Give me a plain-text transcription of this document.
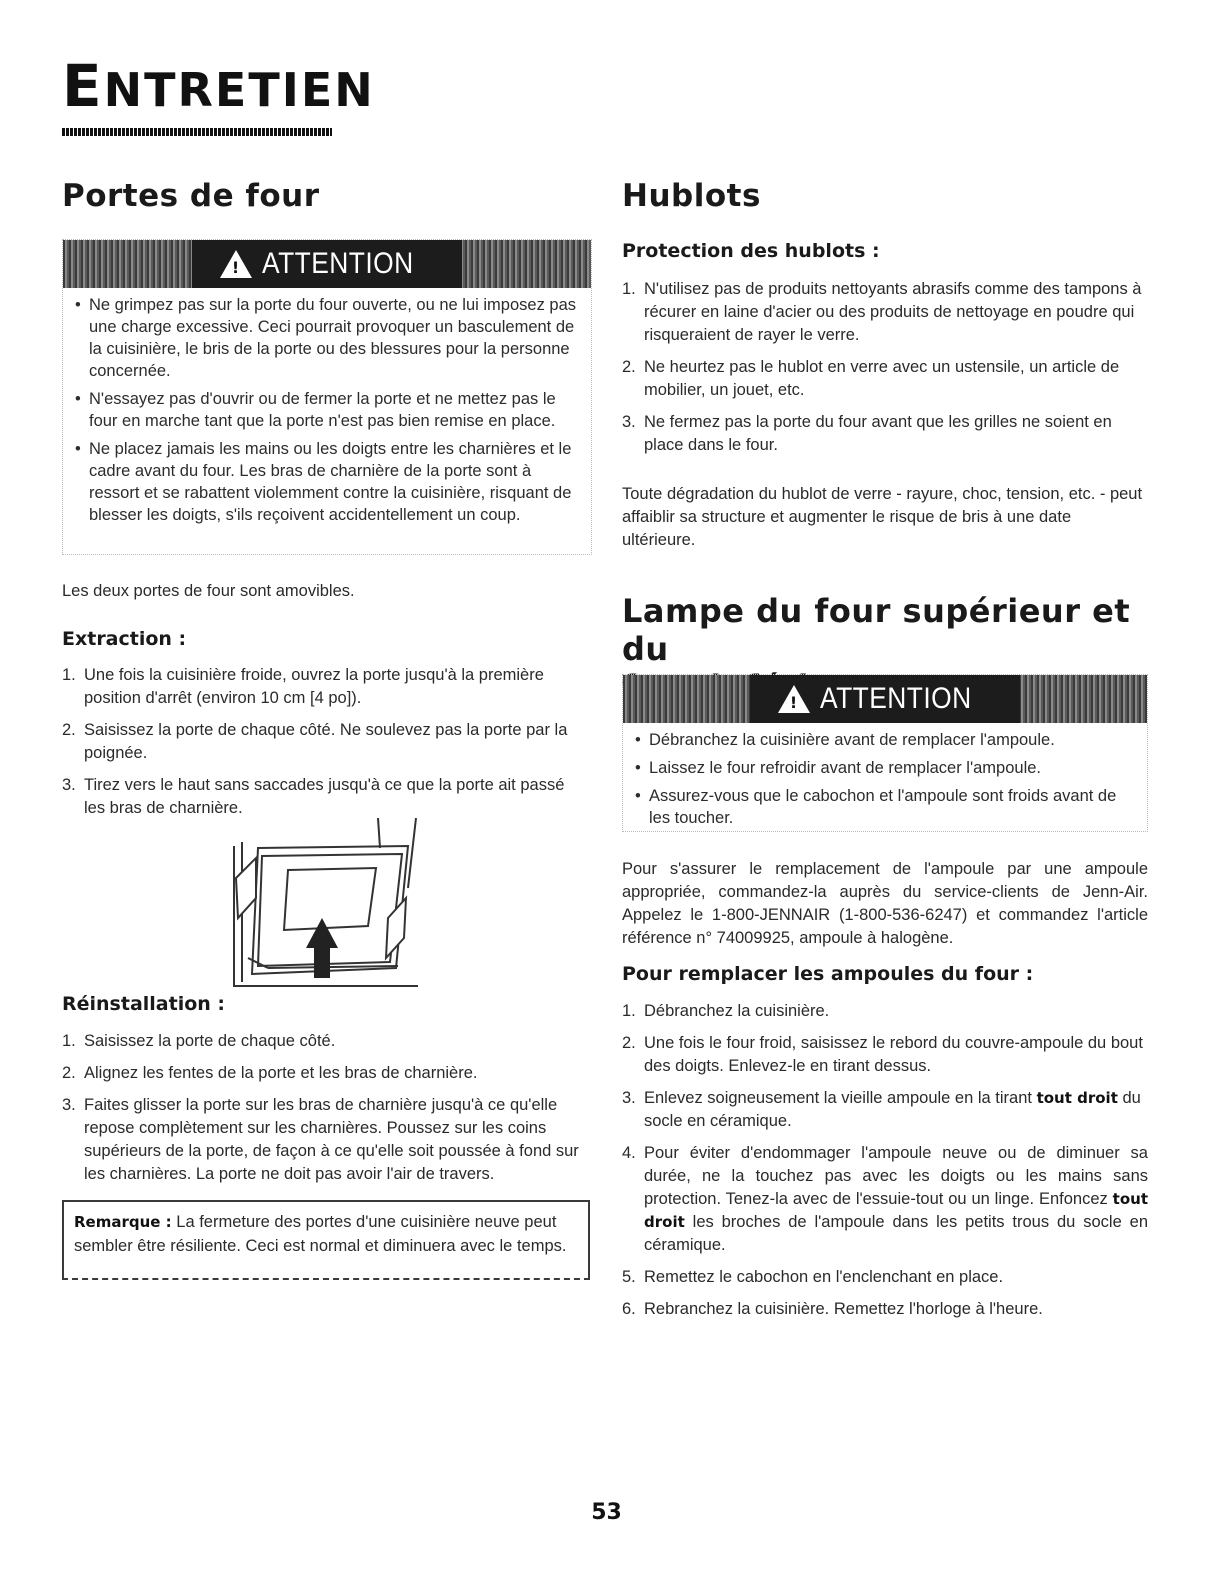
ENTRETIEN
Portes de four
!
ATTENTION
• Ne grimpez pas sur la porte du four ouverte, ou ne lui imposez pas une charge excessive. Ceci pourrait provoquer un basculement de la cuisinière, le bris de la porte ou des blessures pour la personne concernée.
• N'essayez pas d'ouvrir ou de fermer la porte et ne mettez pas le four en marche tant que la porte n'est pas bien remise en place.
• Ne placez jamais les mains ou les doigts entre les charnières et le cadre avant du four. Les bras de charnière de la porte sont à ressort et se rabattent violemment contre la cuisinière, risquant de blesser les doigts, s'ils reçoivent accidentellement un coup.
Les deux portes de four sont amovibles.
Extraction :
1. Une fois la cuisinière froide, ouvrez la porte jusqu'à la première position d'arrêt (environ 10 cm [4 po]).
2. Saisissez la porte de chaque côté. Ne soulevez pas la porte par la poignée.
3. Tirez vers le haut sans saccades jusqu'à ce que la porte ait passé les bras de charnière.
Réinstallation :
1. Saisissez la porte de chaque côté.
2. Alignez les fentes de la porte et les bras de charnière.
3. Faites glisser la porte sur les bras de charnière jusqu'à ce qu'elle repose complètement sur les charnières. Poussez sur les coins supérieurs de la porte, de façon à ce qu'elle soit poussée à fond sur les charnières. La porte ne doit pas avoir l'air de travers.
Remarque : La fermeture des portes d'une cuisinière neuve peut sembler être résiliente. Ceci est normal et diminuera avec le temps.
Hublots
Protection des hublots :
1. N'utilisez pas de produits nettoyants abrasifs comme des tampons à récurer en laine d'acier ou des produits de nettoyage en poudre qui risqueraient de rayer le verre.
2. Ne heurtez pas le hublot en verre avec un ustensile, un article de mobilier, un jouet, etc.
3. Ne fermez pas la porte du four avant que les grilles ne soient en place dans le four.
Toute dégradation du hublot de verre - rayure, choc, tension, etc. - peut affaiblir sa structure et augmenter le risque de bris à une date ultérieure.
Lampe du four supérieur et du
!
ATTENTION
• Débranchez la cuisinière avant de remplacer l'ampoule.
• Laissez le four refroidir avant de remplacer l'ampoule.
• Assurez-vous que le cabochon et l'ampoule sont froids avant de les toucher.
Pour s'assurer le remplacement de l'ampoule par une ampoule appropriée, commandez-la auprès du service-clients de Jenn-Air. Appelez le 1-800-JENNAIR (1-800-536-6247) et commandez l'article référence n° 74009925, ampoule à halogène.
Pour remplacer les ampoules du four :
1. Débranchez la cuisinière.
2. Une fois le four froid, saisissez le rebord du couvre-ampoule du bout des doigts. Enlevez-le en tirant dessus.
3. Enlevez soigneusement la vieille ampoule en la tirant tout droit du socle en céramique.
4. Pour éviter d'endommager l'ampoule neuve ou de diminuer sa durée, ne la touchez pas avec les doigts ou les mains sans protection. Tenez-la avec de l'essuie-tout ou un linge. Enfoncez tout droit les broches de l'ampoule dans les petits trous du socle en céramique.
5. Remettez le cabochon en l'enclenchant en place.
6. Rebranchez la cuisinière. Remettez l'horloge à l'heure.
53
